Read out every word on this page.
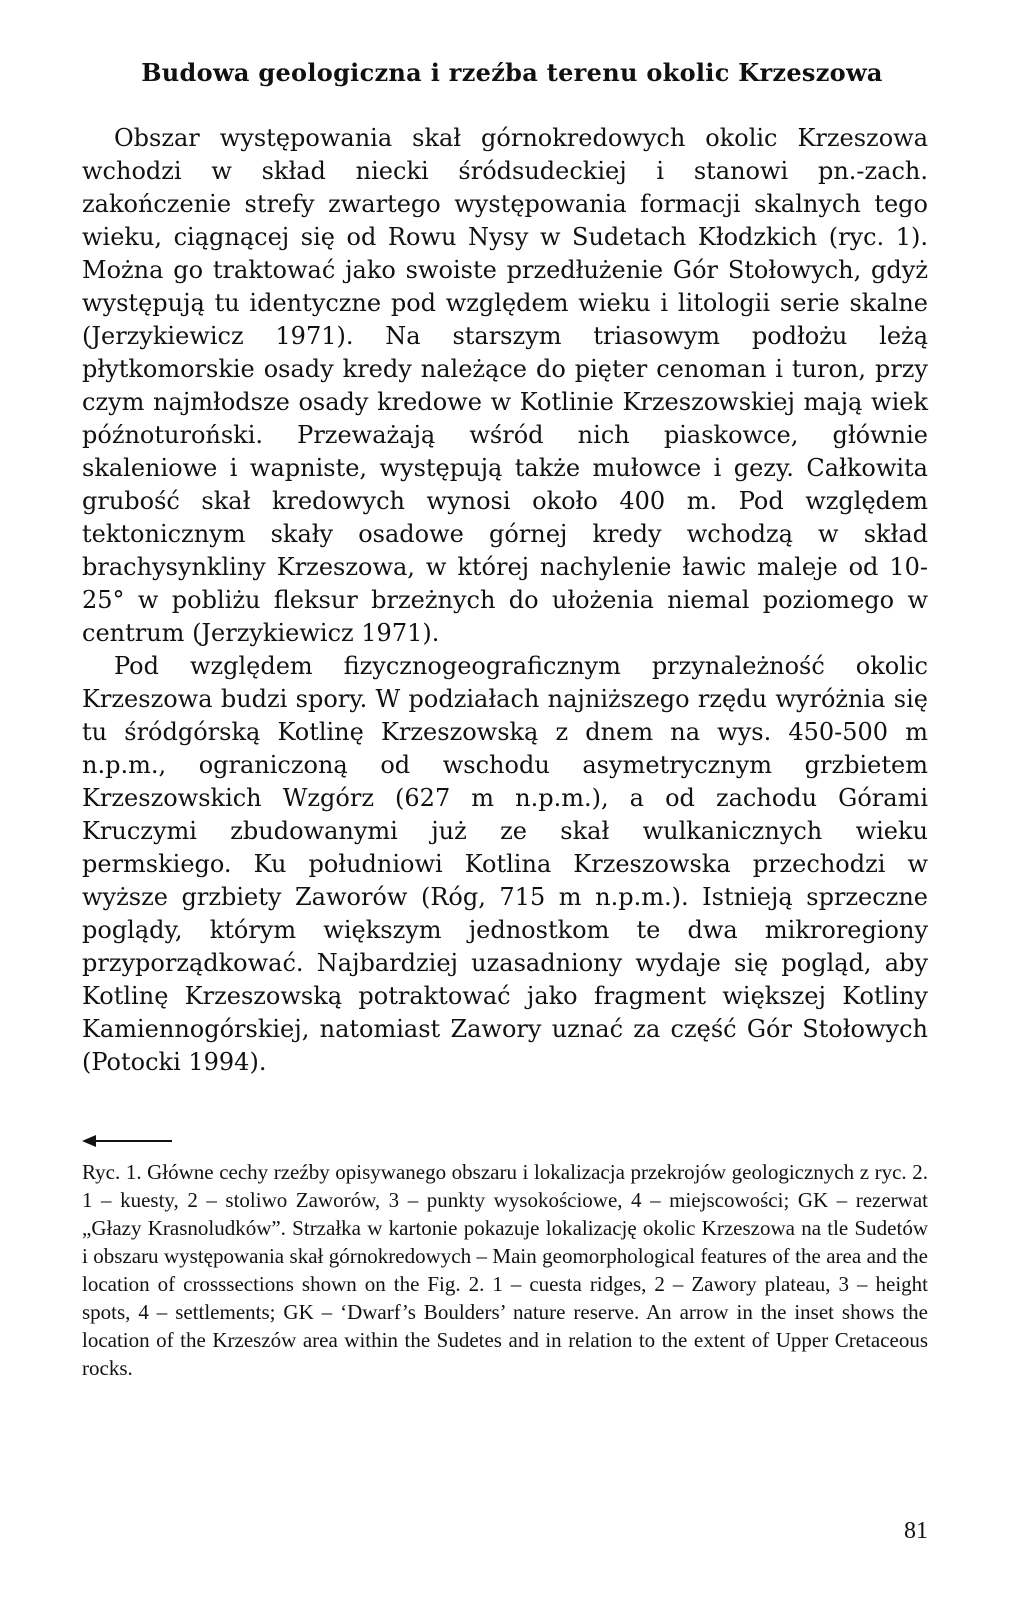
Budowa geologiczna i rzeźba terenu okolic Krzeszowa

Obszar występowania skał górnokredowych okolic Krzeszowa wchodzi w skład niecki śródsudeckiej i stanowi pn.-zach. zakończenie strefy zwartego występowania formacji skalnych tego wieku, ciągnącej się od Rowu Nysy w Sudetach Kłodzkich (ryc. 1). Można go traktować jako swoiste przedłużenie Gór Stołowych, gdyż występują tu identyczne pod względem wieku i litologii serie skalne (Jerzykiewicz 1971). Na starszym triasowym podłożu leżą płytkomorskie osady kredy należące do pięter cenoman i turon, przy czym najmłodsze osady kredowe w Kotlinie Krzeszowskiej mają wiek późnoturoński. Przeważają wśród nich piaskowce, głównie skaleniowe i wapniste, występują także mułowce i gezy. Całkowita grubość skał kredowych wynosi około 400 m. Pod względem tektonicznym skały osadowe górnej kredy wchodzą w skład brachysynkliny Krzeszowa, w której nachylenie ławic maleje od 10-25° w pobliżu fleksur brzeżnych do ułożenia niemal poziomego w centrum (Jerzykiewicz 1971).

Pod względem fizycznogeograficznym przynależność okolic Krzeszowa budzi spory. W podziałach najniższego rzędu wyróżnia się tu śródgórską Kotlinę Krzeszowską z dnem na wys. 450-500 m n.p.m., ograniczoną od wschodu asymetrycznym grzbietem Krzeszowskich Wzgórz (627 m n.p.m.), a od zachodu Górami Kruczymi zbudowanymi już ze skał wulkanicznych wieku permskiego. Ku południowi Kotlina Krzeszowska przechodzi w wyższe grzbiety Zaworów (Róg, 715 m n.p.m.). Istnieją sprzeczne poglądy, którym większym jednostkom te dwa mikroregiony przyporządkować. Najbardziej uzasadniony wydaje się pogląd, aby Kotlinę Krzeszowską potraktować jako fragment większej Kotliny Kamiennogórskiej, natomiast Zawory uznać za część Gór Stołowych (Potocki 1994).

Ryc. 1. Główne cechy rzeźby opisywanego obszaru i lokalizacja przekrojów geologicznych z ryc. 2. 1 – kuesty, 2 – stoliwo Zaworów, 3 – punkty wysokościowe, 4 – miejscowości; GK – rezerwat „Głazy Krasnoludków”. Strzałka w kartonie pokazuje lokalizację okolic Krzeszowa na tle Sudetów i obszaru występowania skał górnokredowych – Main geomorphological features of the area and the location of crosssections shown on the Fig. 2. 1 – cuesta ridges, 2 – Zawory plateau, 3 – height spots, 4 – settlements; GK – ‘Dwarf’s Boulders’ nature reserve. An arrow in the inset shows the location of the Krzeszów area within the Sudetes and in relation to the extent of Upper Cretaceous rocks.

81
